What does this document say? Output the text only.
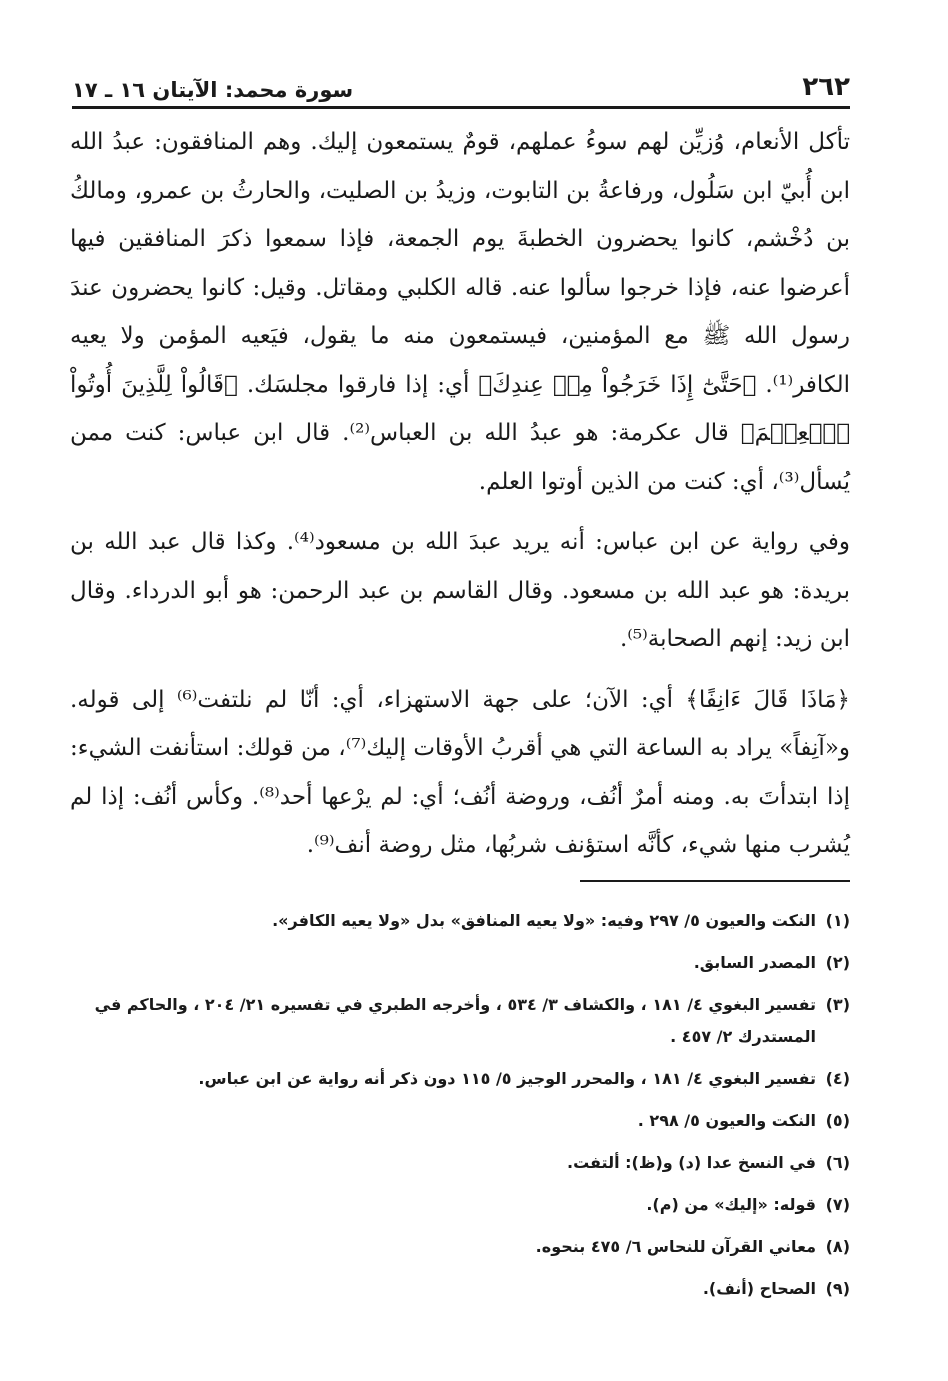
٢٦٢
سورة محمد: الآيتان ١٦ ـ ١٧

تأكل الأنعام، وُزيِّن لهم سوءُ عملهم، قومٌ يستمعون إليك. وهم المنافقون: عبدُ الله ابن أُبيّ ابن سَلُول، ورفاعةُ بن التابوت، وزيدُ بن الصليت، والحارثُ بن عمرو، ومالكُ بن دُخْشم، كانوا يحضرون الخطبةَ يوم الجمعة، فإذا سمعوا ذكرَ المنافقين فيها أعرضوا عنه، فإذا خرجوا سألوا عنه. قاله الكلبي ومقاتل. وقيل: كانوا يحضرون عندَ رسول الله ﷺ مع المؤمنين، فيستمعون منه ما يقول، فيَعيه المؤمن ولا يعيه الكافر⁽¹⁾. ﴿حَتَّىٰٓ إِذَا خَرَجُواْ مِنۡ عِندِكَ﴾ أي: إذا فارقوا مجلسَك. ﴿قَالُواْ لِلَّذِينَ أُوتُواْ ٱلۡعِلۡمَ﴾ قال عكرمة: هو عبدُ الله بن العباس⁽²⁾. قال ابن عباس: كنت ممن يُسأل⁽³⁾، أي: كنت من الذين أوتوا العلم.

وفي رواية عن ابن عباس: أنه يريد عبدَ الله بن مسعود⁽⁴⁾. وكذا قال عبد الله بن بريدة: هو عبد الله بن مسعود. وقال القاسم بن عبد الرحمن: هو أبو الدرداء. وقال ابن زيد: إنهم الصحابة⁽⁵⁾.

﴿مَاذَا قَالَ ءَانِفًا﴾ أي: الآن؛ على جهة الاستهزاء، أي: أنّا لم نلتفت⁽⁶⁾ إلى قوله. و«آنِفاً» يراد به الساعة التي هي أقربُ الأوقات إليك⁽⁷⁾، من قولك: استأنفت الشيء: إذا ابتدأتَ به. ومنه أمرٌ أنُف، وروضة أنُف؛ أي: لم يرْعها أحد⁽⁸⁾. وكأس أنُف: إذا لم يُشرب منها شيء، كأنَّه استؤنف شربُها، مثل روضة أنف⁽⁹⁾.

(١)
النكت والعيون ٥/ ٢٩٧ وفيه: «ولا يعيه المنافق» بدل «ولا يعيه الكافر».
(٢)
المصدر السابق.
(٣)
تفسير البغوي ٤/ ١٨١ ، والكشاف ٣/ ٥٣٤ ، وأخرجه الطبري في تفسيره ٢١/ ٢٠٤ ، والحاكم في المستدرك ٢/ ٤٥٧ .
(٤)
تفسير البغوي ٤/ ١٨١ ، والمحرر الوجيز ٥/ ١١٥ دون ذكر أنه رواية عن ابن عباس.
(٥)
النكت والعيون ٥/ ٢٩٨ .
(٦)
في النسخ عدا (د) و(ظ): ألتفت.
(٧)
قوله: «إليك» من (م).
(٨)
معاني القرآن للنحاس ٦/ ٤٧٥ بنحوه.
(٩)
الصحاح (أنف).
